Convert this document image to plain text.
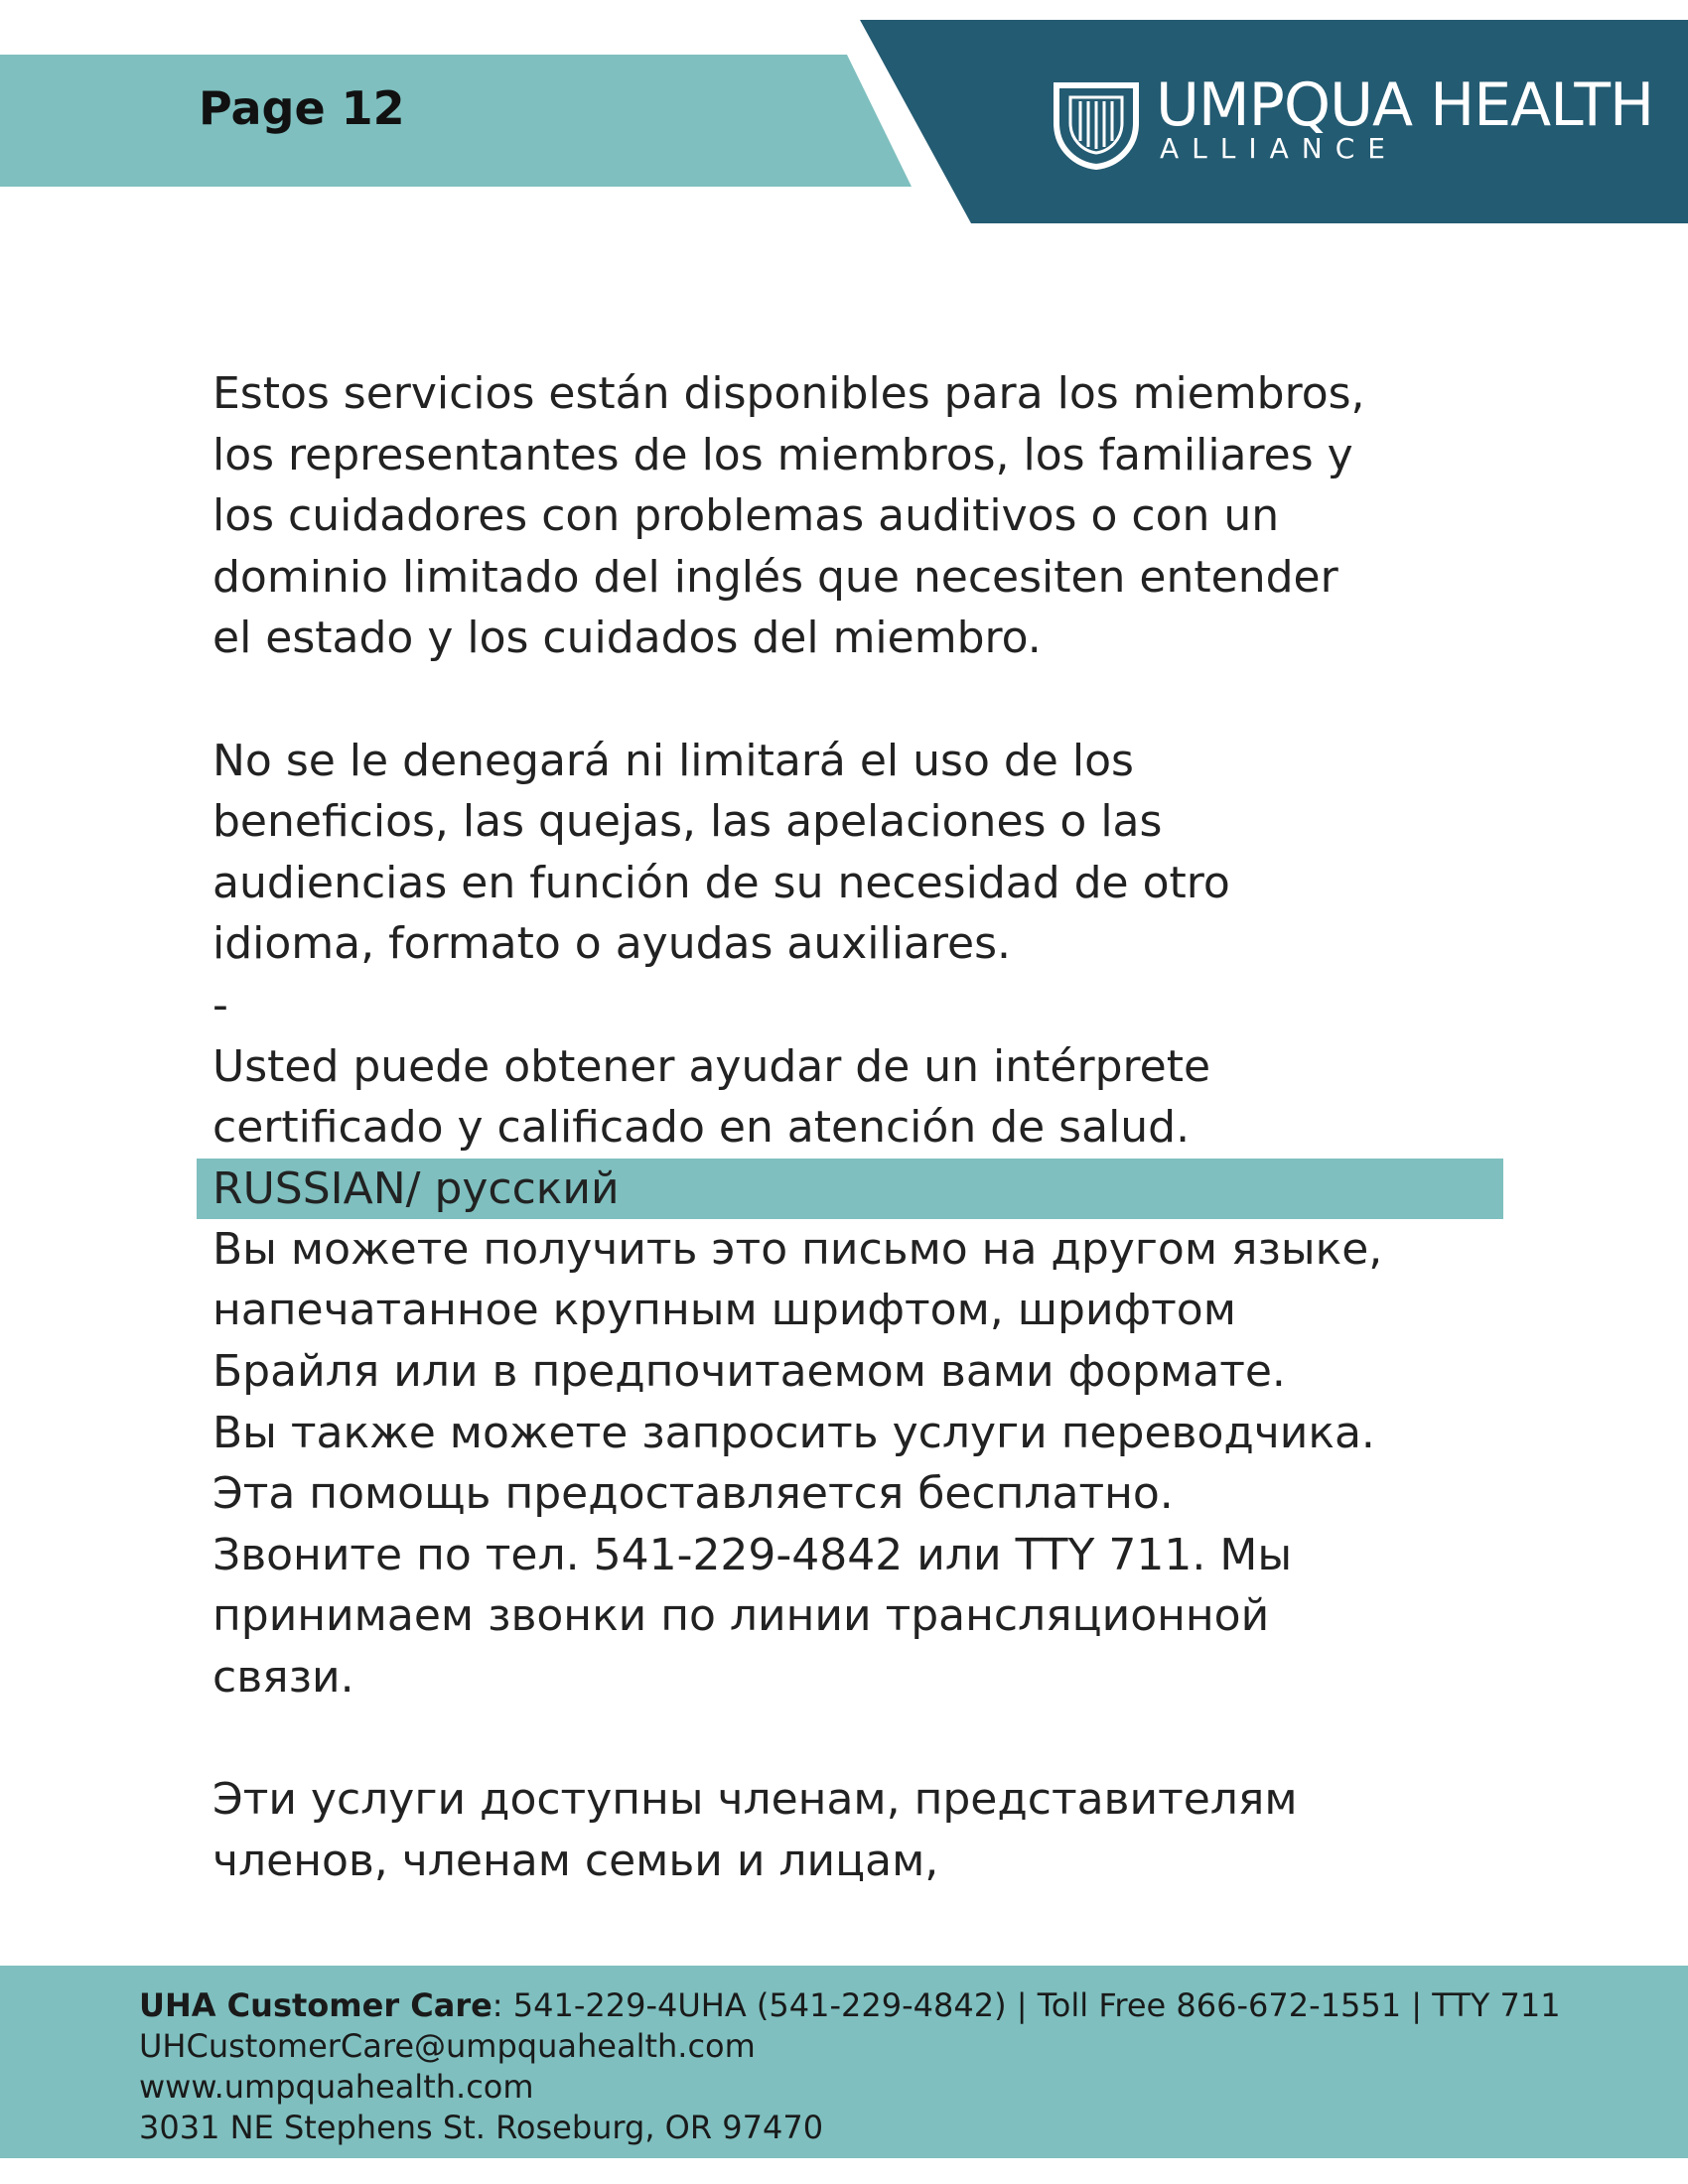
Page 12	UMPQUA HEALTH
ALLIANCE

Estos servicios están disponibles para los miembros,

los representantes de los miembros, los familiares y

los cuidadores con problemas auditivos o con un

dominio limitado del inglés que necesiten entender

el estado y los cuidados del miembro.

No se le denegará ni limitará el uso de los

beneficios, las quejas, las apelaciones o las

audiencias en función de su necesidad de otro

idioma, formato o ayudas auxiliares.

-

Usted puede obtener ayudar de un intérprete

certificado y calificado en atención de salud.

RUSSIAN/ русский

Вы можете получить это письмо на другом языке,

напечатанное крупным шрифтом, шрифтом

Брайля или в предпочитаемом вами формате.

Вы также можете запросить услуги переводчика.

Эта помощь предоставляется бесплатно.

Звоните по тел. 541-229-4842 или TTY 711. Мы

принимаем звонки по линии трансляционной

связи.

Эти услуги доступны членам, представителям

членов, членам семьи и лицам,

UHA Customer Care: 541-229-4UHA (541-229-4842) | Toll Free 866-672-1551 | TTY 711

UHCustomerCare@umpquahealth.com

www.umpquahealth.com

3031 NE Stephens St. Roseburg, OR 97470
